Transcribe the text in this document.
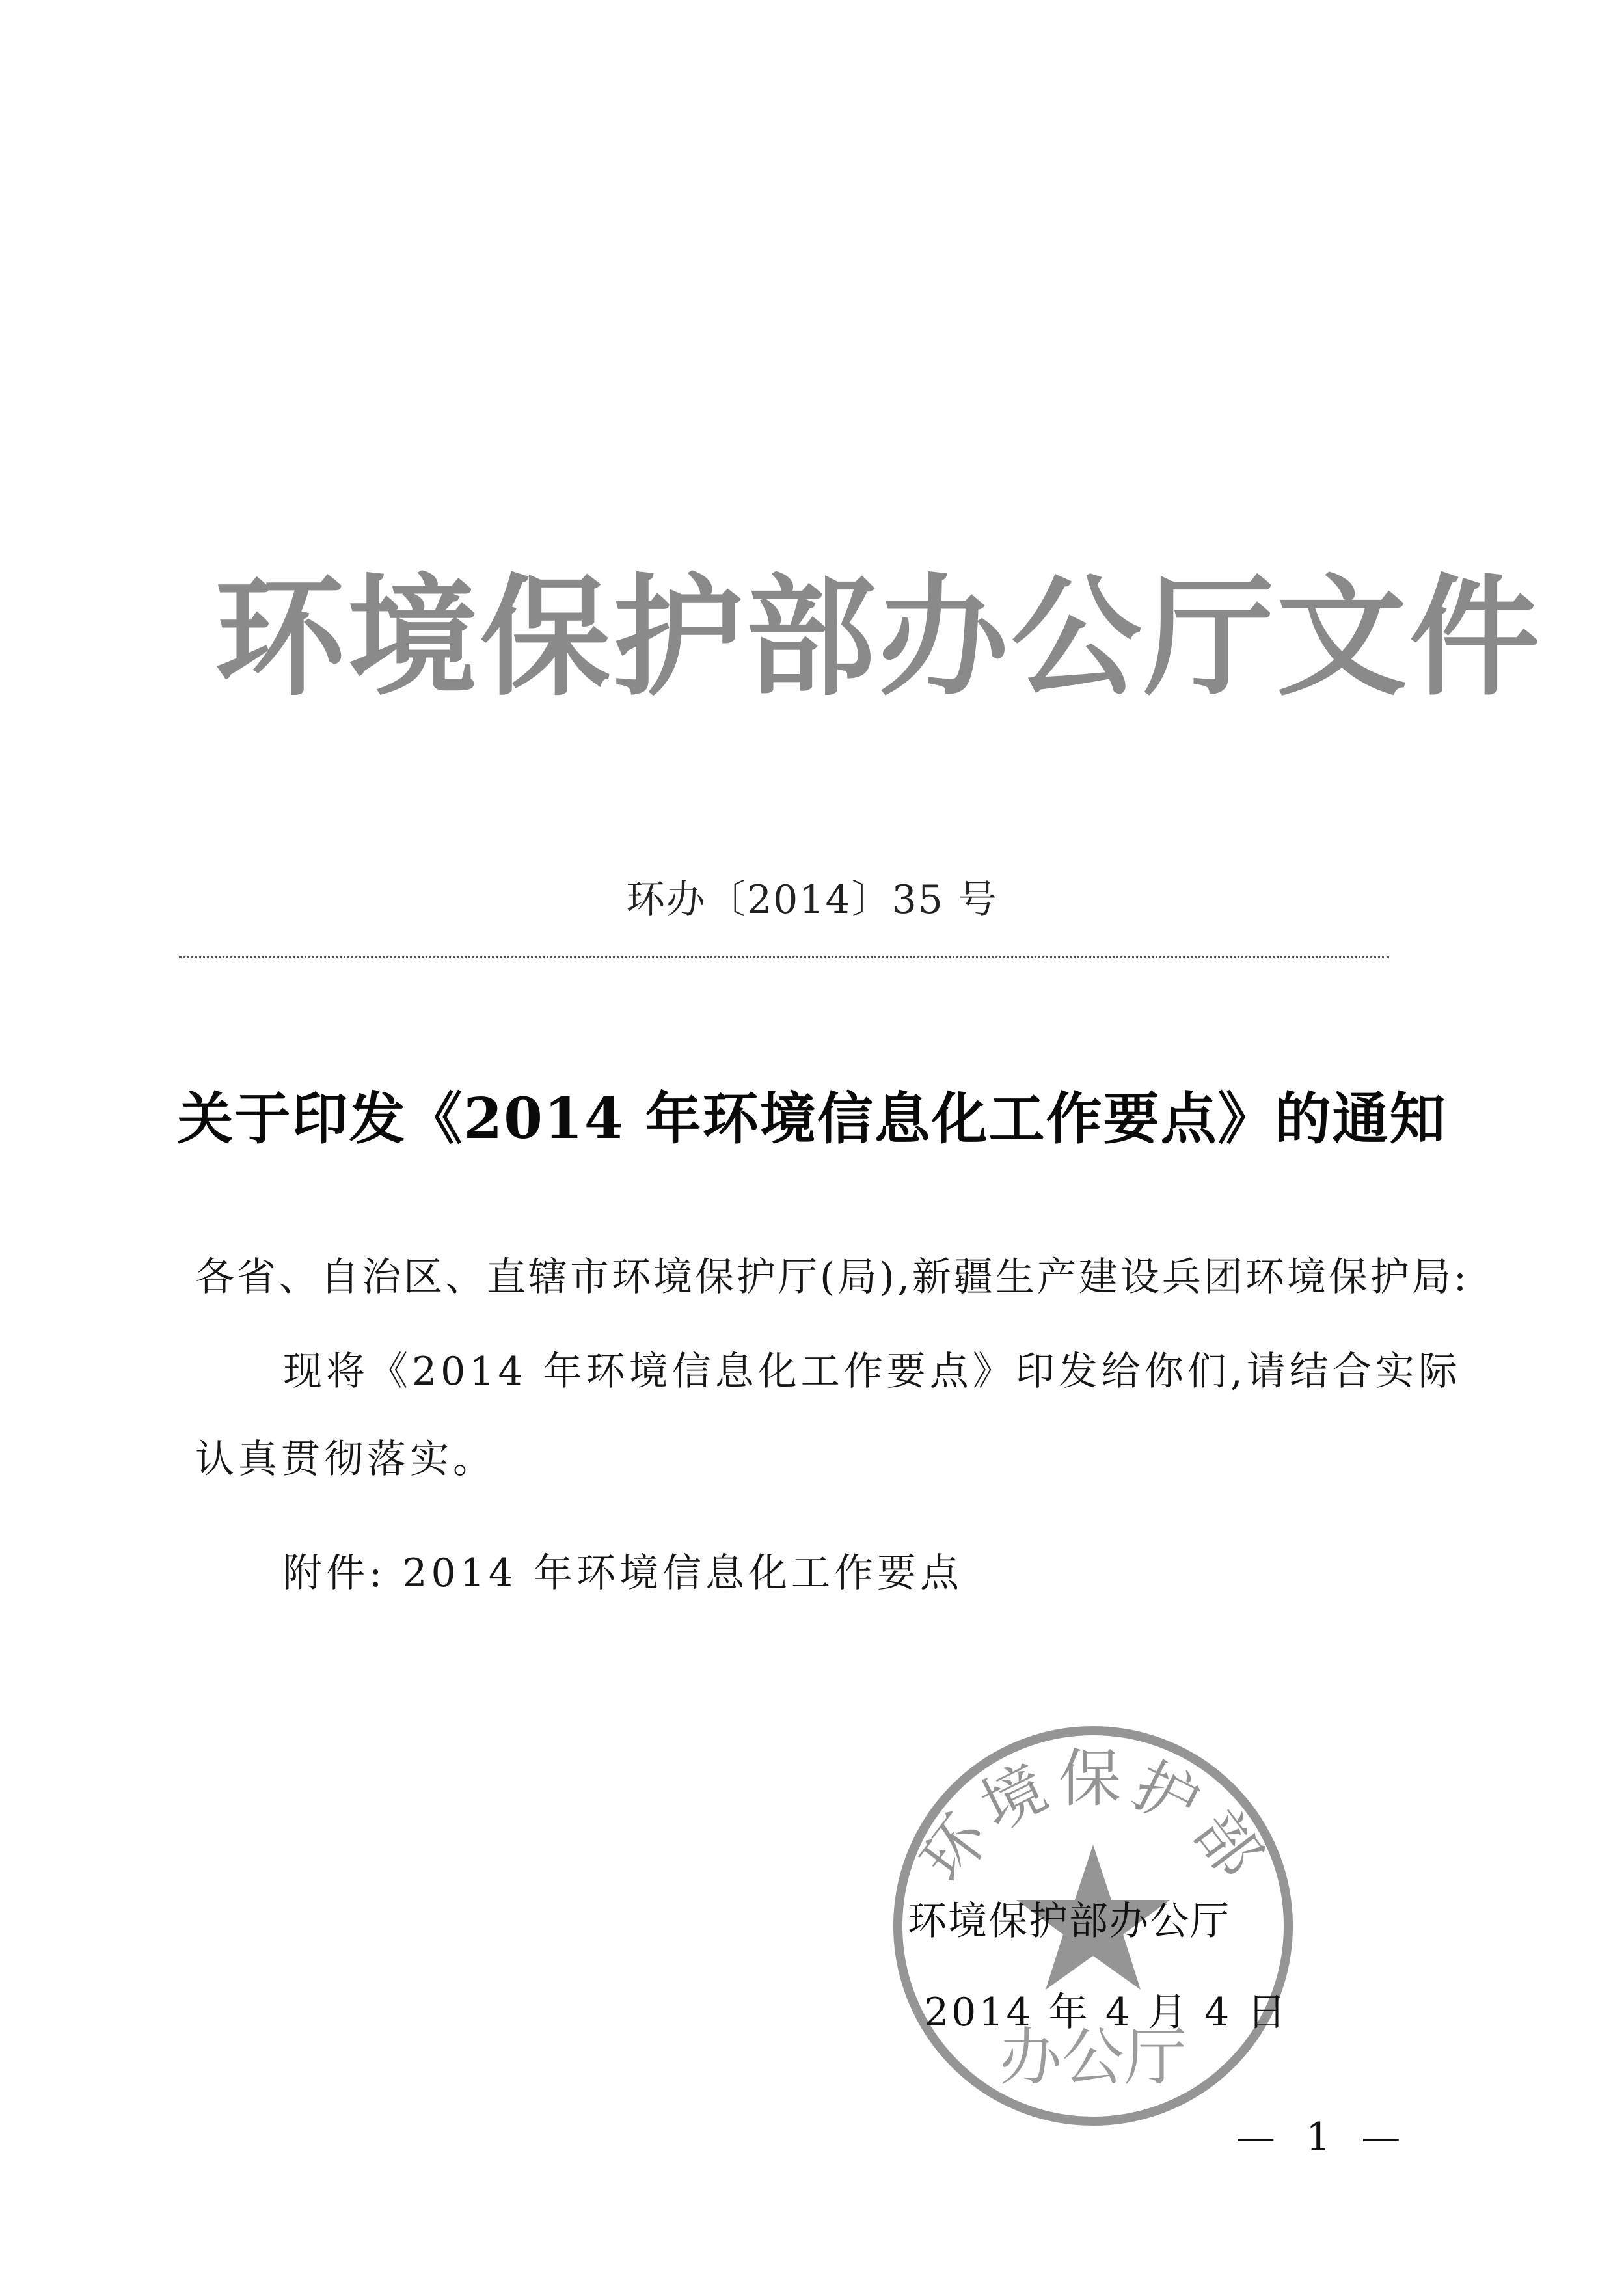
环境保护部办公厅文件
环办〔2014〕35 号
关于印发《2014 年环境信息化工作要点》的通知
各省、自治区、直辖市环境保护厅(局),新疆生产建设兵团环境保护局:
现将《2014 年环境信息化工作要点》印发给你们,请结合实际
认真贯彻落实。
附件: 2014 年环境信息化工作要点
环境保护部
办公厅
环境保护部办公厅
2014 年 4 月 4 日
— 1 —
